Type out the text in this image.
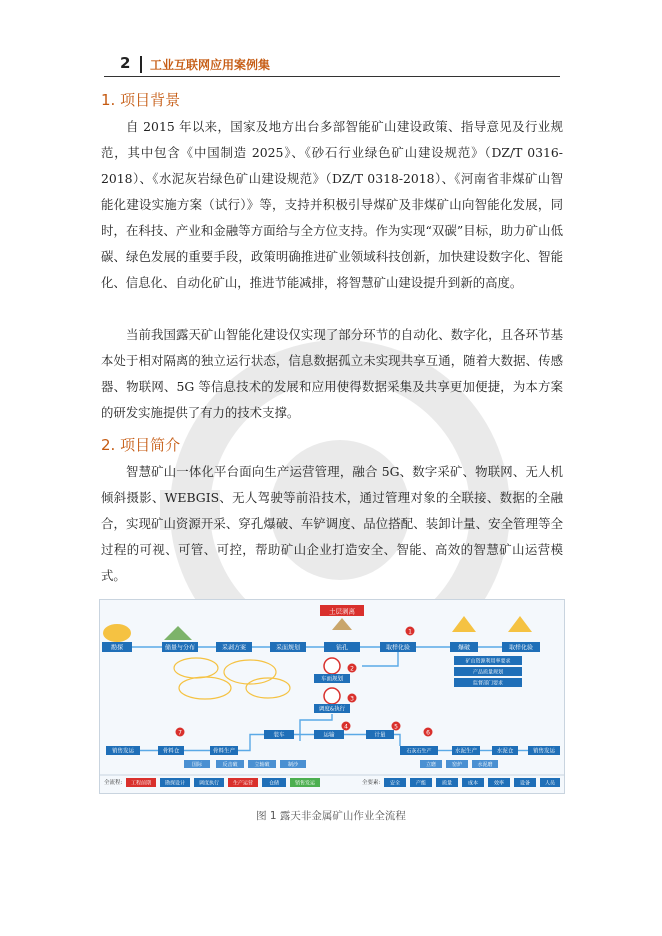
2 工业互联网应用案例集
1. 项目背景

自 2015 年以来，国家及地方出台多部智能矿山建设政策、指导意见及行业规范，其中包含《中国制造 2025》、《砂石行业绿色矿山建设规范》（DZ/T 0316-2018）、《水泥灰岩绿色矿山建设规范》（DZ/T 0318-2018）、《河南省非煤矿山智能化建设实施方案（试行）》等，支持并积极引导煤矿及非煤矿山向智能化发展，同时，在科技、产业和金融等方面给与全方位支持。作为实现“双碳”目标，助力矿山低碳、绿色发展的重要手段，政策明确推进矿业领域科技创新，加快建设数字化、智能化、信息化、自动化矿山，推进节能减排，将智慧矿山建设提升到新的高度。

当前我国露天矿山智能化建设仅实现了部分环节的自动化、数字化，且各环节基本处于相对隔离的独立运行状态，信息数据孤立未实现共享互通，随着大数据、传感器、物联网、5G 等信息技术的发展和应用使得数据采集及共享更加便捷，为本方案的研发实施提供了有力的技术支撑。

2. 项目简介

智慧矿山一体化平台面向生产运营管理，融合 5G、数字采矿、物联网、无人机倾斜摄影、WEBGIS、无人驾驶等前沿技术，通过管理对象的全联接、数据的全融合，实现矿山资源开采、穿孔爆破、车铲调度、品位搭配、装卸计量、安全管理等全过程的可视、可管、可控，帮助矿山企业打造安全、智能、高效的智慧矿山运营模式。

土层剥离
勘探	储量与分布	采剥方案	采面规划	钻孔	取样化验	爆破	取样化验
矿山资源利用率要求
产品质量规划
监督部门要求
车面规划
调度&执行
1
2
3
4	5
6
7
销售发运	骨料仓	骨料生产
装车	运输	计量
石灰石生产	水泥生产	水泥仓	销售发运
国际	反击破	立轴破	制沙	立磨	窑炉	水泥磨
全流程: 工程前期	勘探设计	调度执行	生产运营	仓储	销售发运	全要素: 安全	产能	质量	成本	效率	设备	人员
图 1 露天非金属矿山作业全流程
